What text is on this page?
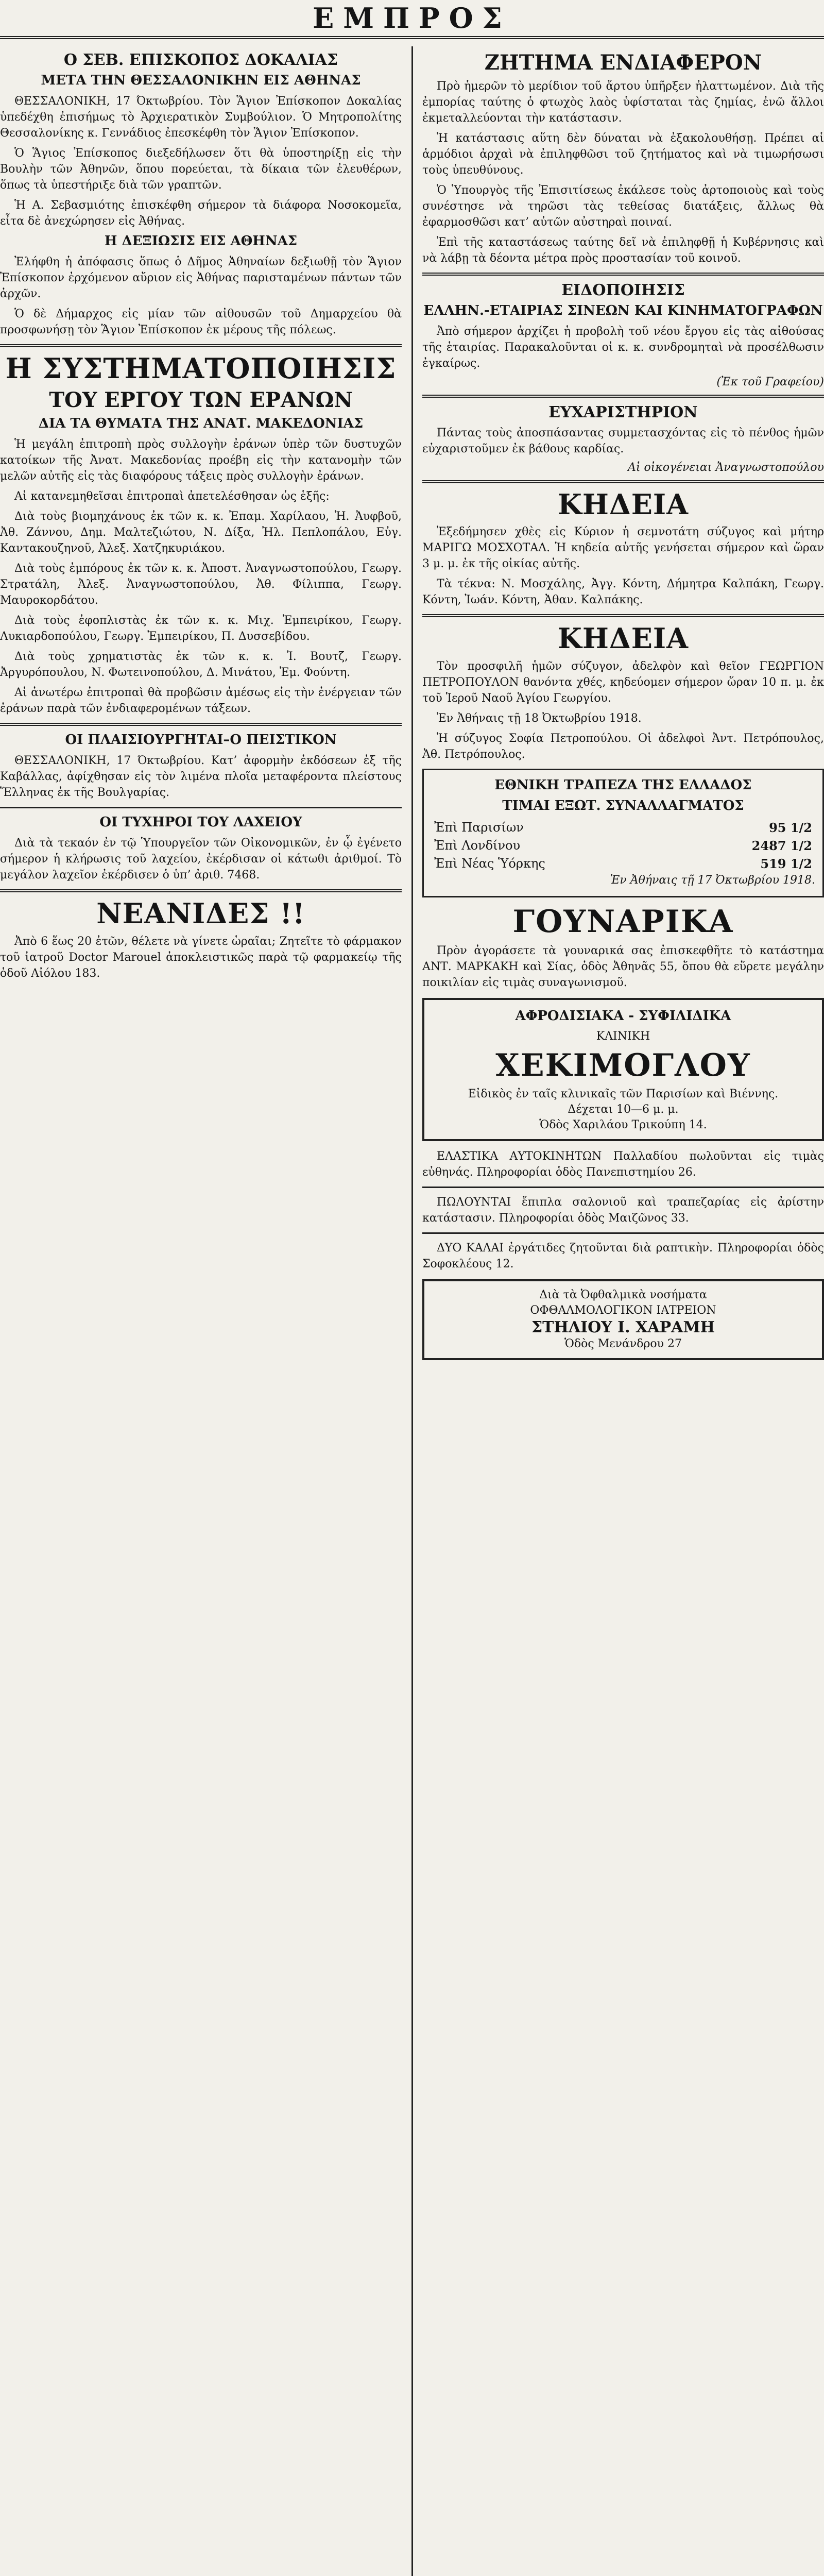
ΕΜΠΡΟΣ
Ο ΣΕΒ. ΕΠΙΣΚΟΠΟΣ ΔΟΚΑΛΙΑΣ
ΜΕΤΑ ΤΗΝ ΘΕΣΣΑΛΟΝΙΚΗΝ ΕΙΣ ΑΘΗΝΑΣ

ΘΕΣΣΑΛΟΝΙΚΗ, 17 Όκτωβρίου. Τὸν Ἅγιον Ἐπίσκοπον Δοκαλίας ὑπεδέχθη ἐπισήμως τὸ Ἀρχιερατικὸν Συμβούλιον. Ὁ Μητροπολίτης Θεσσαλονίκης κ. Γεννάδιος ἐπεσκέφθη τὸν Ἅγιον Ἐπίσκοπον.

Ὁ Ἅγιος Ἐπίσκοπος διεξεδήλωσεν ὅτι θὰ ὑποστηρίξῃ εἰς τὴν Βουλὴν τῶν Ἀθηνῶν, ὅπου πορεύεται, τὰ δίκαια τῶν ἐλευθέρων, ὅπως τὰ ὑπεστήριξε διὰ τῶν γραπτῶν.

Ἡ Α. Σεβασμιότης ἐπισκέφθη σήμερον τὰ διάφορα Νοσοκομεῖα, εἶτα δὲ ἀνεχώρησεν εἰς Ἀθήνας.

Η ΔΕΞΙΩΣΙΣ ΕΙΣ ΑΘΗΝΑΣ

Ἐλήφθη ἡ ἀπόφασις ὅπως ὁ Δῆμος Ἀθηναίων δεξιωθῇ τὸν Ἅγιον Ἐπίσκοπον ἐρχόμενον αὔριον εἰς Ἀθήνας παρισταμένων πάντων τῶν ἀρχῶν.

Ὁ δὲ Δήμαρχος εἰς μίαν τῶν αἰθουσῶν τοῦ Δημαρχείου θὰ προσφωνήσῃ τὸν Ἅγιον Ἐπίσκοπον ἐκ μέρους τῆς πόλεως.

Η ΣΥΣΤΗΜΑΤΟΠΟΙΗΣΙΣ
ΤΟΥ ΕΡΓΟΥ ΤΩΝ ΕΡΑΝΩΝ
ΔΙΑ ΤΑ ΘΥΜΑΤΑ ΤΗΣ ΑΝΑΤ. ΜΑΚΕΔΟΝΙΑΣ

Ἡ μεγάλη ἐπιτροπὴ πρὸς συλλογὴν ἐράνων ὑπὲρ τῶν δυστυχῶν κατοίκων τῆς Ἀνατ. Μακεδονίας προέβη εἰς τὴν κατανομὴν τῶν μελῶν αὐτῆς εἰς τὰς διαφόρους τάξεις πρὸς συλλογὴν ἐράνων.

Αἱ κατανεμηθεῖσαι ἐπιτροπαὶ ἀπετελέσθησαν ὡς ἑξῆς:

Διὰ τοὺς βιομηχάνους ἐκ τῶν κ. κ. Ἐπαμ. Χαρίλαου, Ἡ. Ἀυφβοῦ, Ἀθ. Ζάννου, Δημ. Μαλτεζιώτου, Ν. Δίξα, Ἠλ. Πεπλοπάλου, Εὐγ. Καντακουζηνοῦ, Ἀλεξ. Χατζηκυριάκου.

Διὰ τοὺς ἐμπόρους ἐκ τῶν κ. κ. Ἀποστ. Ἀναγνωστοπούλου, Γεωργ. Στρατάλη, Ἀλεξ. Ἀναγνωστοπούλου, Ἀθ. Φίλιππα, Γεωργ. Μαυροκορδάτου.

Διὰ τοὺς ἐφοπλιστὰς ἐκ τῶν κ. κ. Μιχ. Ἐμπειρίκου, Γεωργ. Λυκιαρδοπούλου, Γεωργ. Ἐμπειρίκου, Π. Δυσσεβίδου.

Διὰ τοὺς χρηματιστὰς ἐκ τῶν κ. κ. Ἰ. Βουτζ, Γεωργ. Ἀργυρόπουλου, Ν. Φωτεινοπούλου, Δ. Μινάτου, Ἐμ. Φούντη.

Αἱ ἀνωτέρω ἐπιτροπαὶ θὰ προβῶσιν ἀμέσως εἰς τὴν ἐνέργειαν τῶν ἐράνων παρὰ τῶν ἐνδιαφερομένων τάξεων.

ΟΙ ΠΛΑΙΣΙΟΥΡΓΗΤΑΙ–Ο ΠΕΙΣΤΙΚΟΝ

ΘΕΣΣΑΛΟΝΙΚΗ, 17 Όκτωβρίου. Κατ’ ἀφορμὴν ἐκδόσεων ἐξ τῆς Καβάλλας, ἀφίχθησαν εἰς τὸν λιμένα πλοῖα μεταφέροντα πλείστους Ἕλληνας ἐκ τῆς Βουλγαρίας.

ΟΙ ΤΥΧΗΡΟΙ ΤΟΥ ΛΑΧΕΙΟΥ

Διὰ τὰ τεκαόν ἐν τῷ Ὑπουργεῖον τῶν Οἰκονομικῶν, ἐν ᾧ ἐγένετο σήμερον ἡ κλήρωσις τοῦ λαχείου, ἐκέρδισαν οἱ κάτωθι ἀριθμοί. Τὸ μεγάλον λαχεῖον ἐκέρδισεν ὁ ὑπ’ ἀριθ. 7468.

ΝΕΑΝΙΔΕΣ !!

Ἀπὸ 6 ἕως 20 ἐτῶν, θέλετε νὰ γίνετε ὡραῖαι; Ζητεῖτε τὸ φάρμακον τοῦ ἰατροῦ Doctor Marouel ἀποκλειστικῶς παρὰ τῷ φαρμακείῳ τῆς ὁδοῦ Αἰόλου 183.

ΖΗΤΗΜΑ ΕΝΔΙΑΦΕΡΟΝ

Πρὸ ἡμερῶν τὸ μερίδιον τοῦ ἄρτου ὑπῆρξεν ἠλαττωμένον. Διὰ τῆς ἐμπορίας ταύτης ὁ φτωχὸς λαὸς ὑφίσταται τὰς ζημίας, ἐνῶ ἄλλοι ἐκμεταλλεύονται τὴν κατάστασιν.

Ἡ κατάστασις αὕτη δὲν δύναται νὰ ἐξακολουθήσῃ. Πρέπει αἱ ἁρμόδιοι ἀρχαὶ νὰ ἐπιληφθῶσι τοῦ ζητήματος καὶ νὰ τιμωρήσωσι τοὺς ὑπευθύνους.

Ὁ Ὑπουργὸς τῆς Ἐπισιτίσεως ἐκάλεσε τοὺς ἀρτοποιοὺς καὶ τοὺς συνέστησε νὰ τηρῶσι τὰς τεθείσας διατάξεις, ἄλλως θὰ ἐφαρμοσθῶσι κατ’ αὐτῶν αὐστηραὶ ποιναί.

Ἐπὶ τῆς καταστάσεως ταύτης δεῖ νὰ ἐπιληφθῇ ἡ Κυβέρνησις καὶ νὰ λάβῃ τὰ δέοντα μέτρα πρὸς προστασίαν τοῦ κοινοῦ.

ΕΙΔΟΠΟΙΗΣΙΣ
ΕΛΛΗΝ.-ΕΤΑΙΡΙΑΣ ΣΙΝΕΩΝ ΚΑΙ ΚΙΝΗΜΑΤΟΓΡΑΦΩΝ

Ἀπὸ σήμερον ἀρχίζει ἡ προβολὴ τοῦ νέου ἔργου εἰς τὰς αἰθούσας τῆς ἑταιρίας. Παρακαλοῦνται οἱ κ. κ. συνδρομηταὶ νὰ προσέλθωσιν ἐγκαίρως.

(Ἐκ τοῦ Γραφείου)
ΕΥΧΑΡΙΣΤΗΡΙΟΝ

Πάντας τοὺς ἀποσπάσαντας συμμετασχόντας εἰς τὸ πένθος ἡμῶν εὐχαριστοῦμεν ἐκ βάθους καρδίας.

Αἱ οἰκογένειαι Ἀναγνωστοπούλου
ΚΗΔΕΙΑ

Ἐξεδήμησεν χθὲς εἰς Κύριον ἡ σεμνοτάτη σύζυγος καὶ μήτηρ ΜΑΡΙΓΩ ΜΟΣΧΟΤΑΛ. Ἡ κηδεία αὐτῆς γενήσεται σήμερον καὶ ὥραν 3 μ. μ. ἐκ τῆς οἰκίας αὐτῆς.

Τὰ τέκνα: Ν. Μοσχάλης, Ἀγγ. Κόντη, Δήμητρα Καλπάκη, Γεωργ. Κόντη, Ἰωάν. Κόντη, Ἀθαν. Καλπάκης.

ΚΗΔΕΙΑ

Τὸν προσφιλῆ ἡμῶν σύζυγον, ἀδελφὸν καὶ θεῖον ΓΕΩΡΓΙΟΝ ΠΕΤΡΟΠΟΥΛΟΝ θανόντα χθές, κηδεύομεν σήμερον ὥραν 10 π. μ. ἐκ τοῦ Ἱεροῦ Ναοῦ Ἁγίου Γεωργίου.

Ἐν Ἀθήναις τῇ 18 Ὀκτωβρίου 1918.

Ἡ σύζυγος Σοφία Πετροπούλου. Οἱ ἀδελφοὶ Ἀντ. Πετρόπουλος, Ἀθ. Πετρόπουλος.

ΕΘΝΙΚΗ ΤΡΑΠΕΖΑ ΤΗΣ ΕΛΛΑΔΟΣ
ΤΙΜΑΙ ΕΞΩΤ. ΣΥΝΑΛΛΑΓΜΑΤΟΣ
Ἐπὶ Παρισίων	95 1/2
Ἐπὶ Λονδίνου	2487 1/2
Ἐπὶ Νέας Ὑόρκης	519 1/2
Ἐν Ἀθήναις τῇ 17 Ὀκτωβρίου 1918.
ΓΟΥΝΑΡΙΚΑ

Πρὸν ἀγοράσετε τὰ γουναρικά σας ἐπισκεφθῆτε τὸ κατάστημα ΑΝΤ. ΜΑΡΚΑΚΗ καὶ Σίας, ὁδὸς Ἀθηνᾶς 55, ὅπου θὰ εὕρετε μεγάλην ποικιλίαν εἰς τιμὰς συναγωνισμοῦ.

ΑΦΡΟΔΙΣΙΑΚΑ - ΣΥΦΙΛΙΔΙΚΑ
ΚΛΙΝΙΚΗ
ΧΕΚΙΜΟΓΛΟΥ
Εἰδικὸς ἐν ταῖς κλινικαῖς τῶν Παρισίων καὶ Βιέννης.
Δέχεται 10—6 μ. μ.
Ὁδὸς Χαριλάου Τρικούπη 14.

ΕΛΑΣΤΙΚΑ ΑΥΤΟΚΙΝΗΤΩΝ Παλλαδίου πωλοῦνται εἰς τιμὰς εὐθηνάς. Πληροφορίαι ὁδὸς Πανεπιστημίου 26.

ΠΩΛΟΥΝΤΑΙ ἔπιπλα σαλονιοῦ καὶ τραπεζαρίας εἰς ἀρίστην κατάστασιν. Πληροφορίαι ὁδὸς Μαιζῶνος 33.

ΔΥΟ ΚΑΛΑΙ ἐργάτιδες ζητοῦνται διὰ ραπτικὴν. Πληροφορίαι ὁδὸς Σοφοκλέους 12.

Διὰ τὰ Ὀφθαλμικὰ νοσήματα
ΟΦΘΑΛΜΟΛΟΓΙΚΟΝ ΙΑΤΡΕΙΟΝ
ΣΤΗΛΙΟΥ Ι. ΧΑΡΑΜΗ
Ὁδὸς Μενάνδρου 27
